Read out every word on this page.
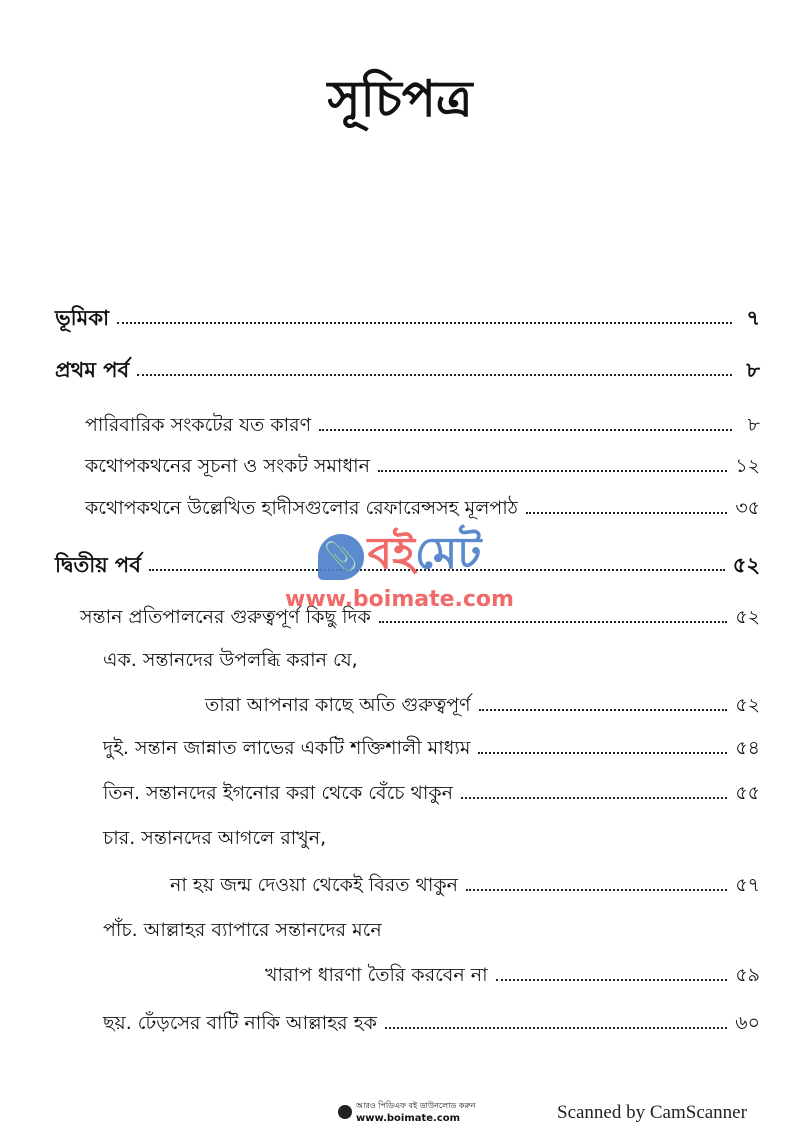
সূচিপত্র
ভূমিকা	৭
প্রথম পর্ব	৮
পারিবারিক সংকটের যত কারণ	৮
কথোপকথনের সূচনা ও সংকট সমাধান	১২
কথোপকথনে উল্লেখিত হাদীসগুলোর রেফারেন্সসহ মূলপাঠ	৩৫
দ্বিতীয় পর্ব	৫২
সন্তান প্রতিপালনের গুরুত্বপূর্ণ কিছু দিক	৫২
এক. সন্তানদের উপলব্ধি করান যে,
তারা আপনার কাছে অতি গুরুত্বপূর্ণ	৫২
দুই. সন্তান জান্নাত লাভের একটি শক্তিশালী মাধ্যম	৫৪
তিন. সন্তানদের ইগনোর করা থেকে বেঁচে থাকুন	৫৫
চার. সন্তানদের আগলে রাখুন,
না হয় জন্ম দেওয়া থেকেই বিরত থাকুন	৫৭
পাঁচ. আল্লাহর ব্যাপারে সন্তানদের মনে
খারাপ ধারণা তৈরি করবেন না	৫৯
ছয়. ঢেঁড়সের বাটি নাকি আল্লাহর হক	৬০
📎 বই মেট
www.boimate.com
আরও পিডিএফ বই ডাউনলোড করুন
www.boimate.com	Scanned by CamScanner
